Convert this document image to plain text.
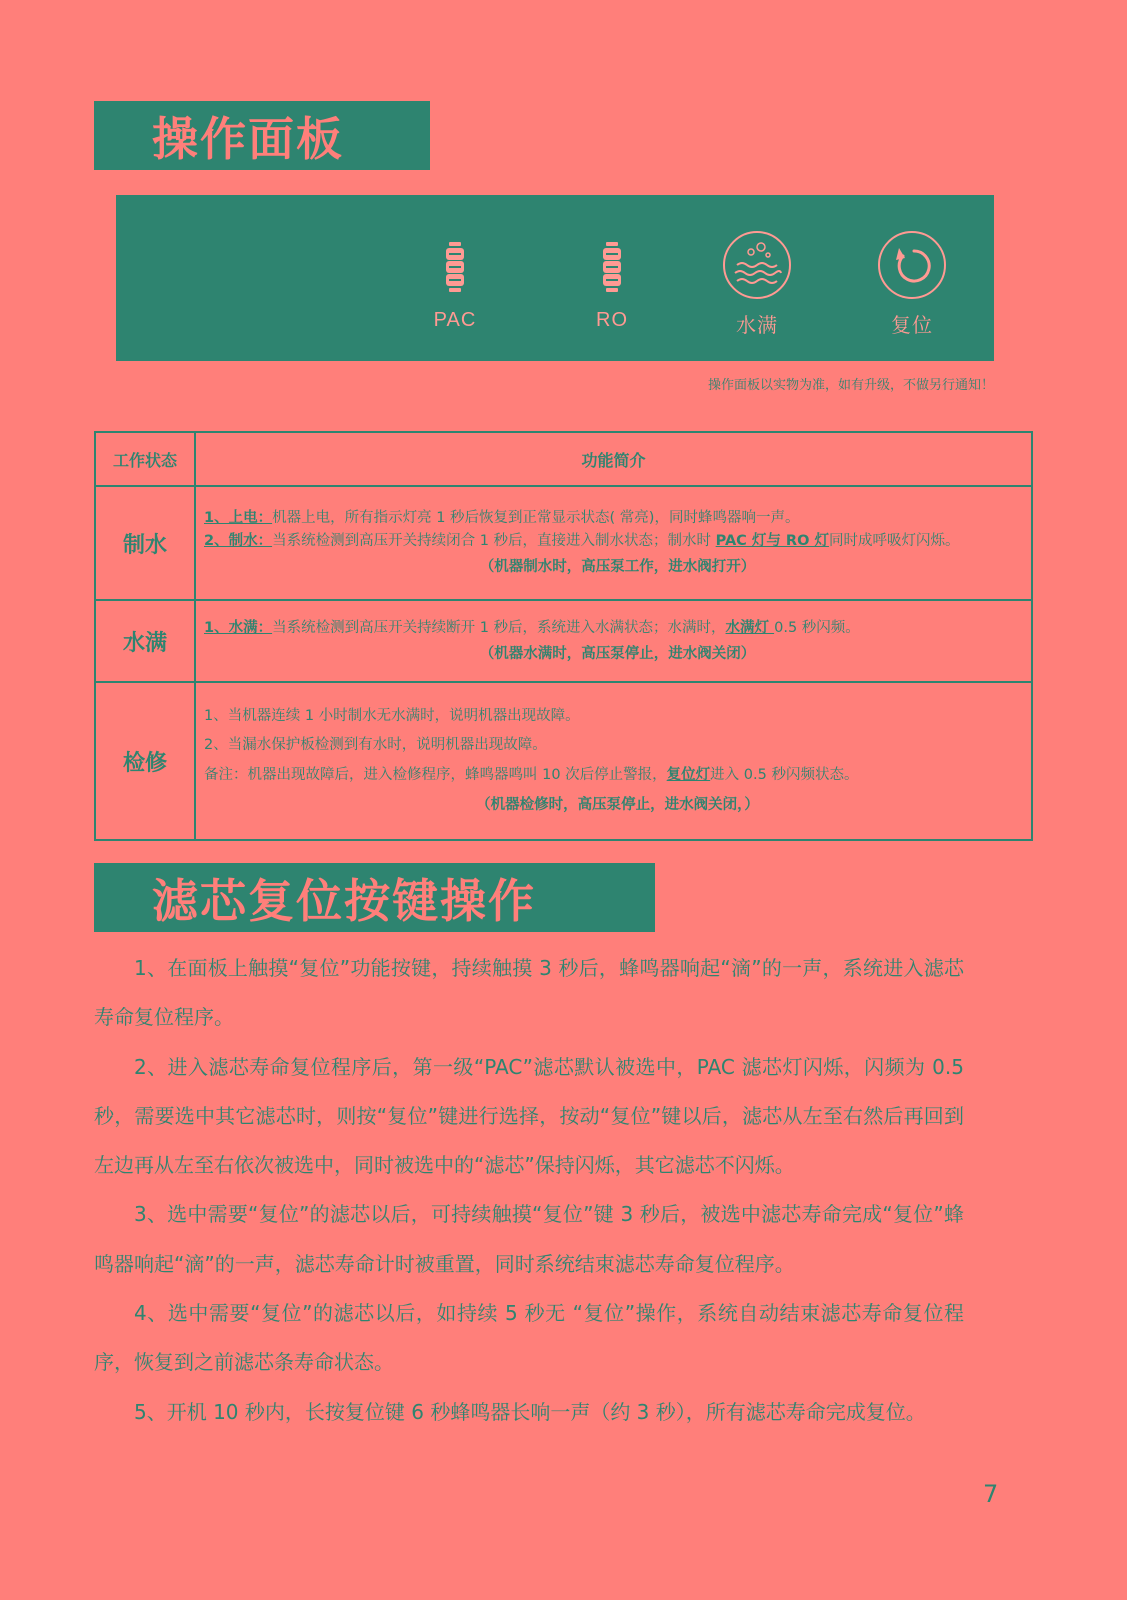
操作面板
PAC	RO	水满	复位
操作面板以实物为准，如有升级，不做另行通知！
工作状态	功能简介
制水	1、上电：机器上电，所有指示灯亮 1 秒后恢复到正常显示状态( 常亮)，同时蜂鸣器响一声。
2、制水：当系统检测到高压开关持续闭合 1 秒后，直接进入制水状态；制水时 PAC 灯与 RO 灯同时成呼吸灯闪烁。
（机器制水时，高压泵工作，进水阀打开）

水满	1、水满：当系统检测到高压开关持续断开 1 秒后，系统进入水满状态；水满时，水满灯 0.5 秒闪频。
（机器水满时，高压泵停止，进水阀关闭）

检修	1、当机器连续 1 小时制水无水满时，说明机器出现故障。
2、当漏水保护板检测到有水时，说明机器出现故障。
备注：机器出现故障后，进入检修程序，蜂鸣器鸣叫 10 次后停止警报，复位灯进入 0.5 秒闪频状态。
（机器检修时，高压泵停止，进水阀关闭，）
滤芯复位按键操作

1、在面板上触摸“复位”功能按键，持续触摸 3 秒后，蜂鸣器响起“滴”的一声，系统进入滤芯寿命复位程序。

2、进入滤芯寿命复位程序后，第一级“PAC”滤芯默认被选中，PAC 滤芯灯闪烁，闪频为 0.5 秒，需要选中其它滤芯时，则按“复位”键进行选择，按动“复位”键以后，滤芯从左至右然后再回到左边再从左至右依次被选中，同时被选中的“滤芯”保持闪烁，其它滤芯不闪烁。

3、选中需要“复位”的滤芯以后，可持续触摸“复位”键 3 秒后，被选中滤芯寿命完成“复位”蜂鸣器响起“滴”的一声，滤芯寿命计时被重置，同时系统结束滤芯寿命复位程序。

4、选中需要“复位”的滤芯以后，如持续 5 秒无 “复位”操作，系统自动结束滤芯寿命复位程序，恢复到之前滤芯条寿命状态。

5、开机 10 秒内，长按复位键 6 秒蜂鸣器长响一声（约 3 秒），所有滤芯寿命完成复位。

7
